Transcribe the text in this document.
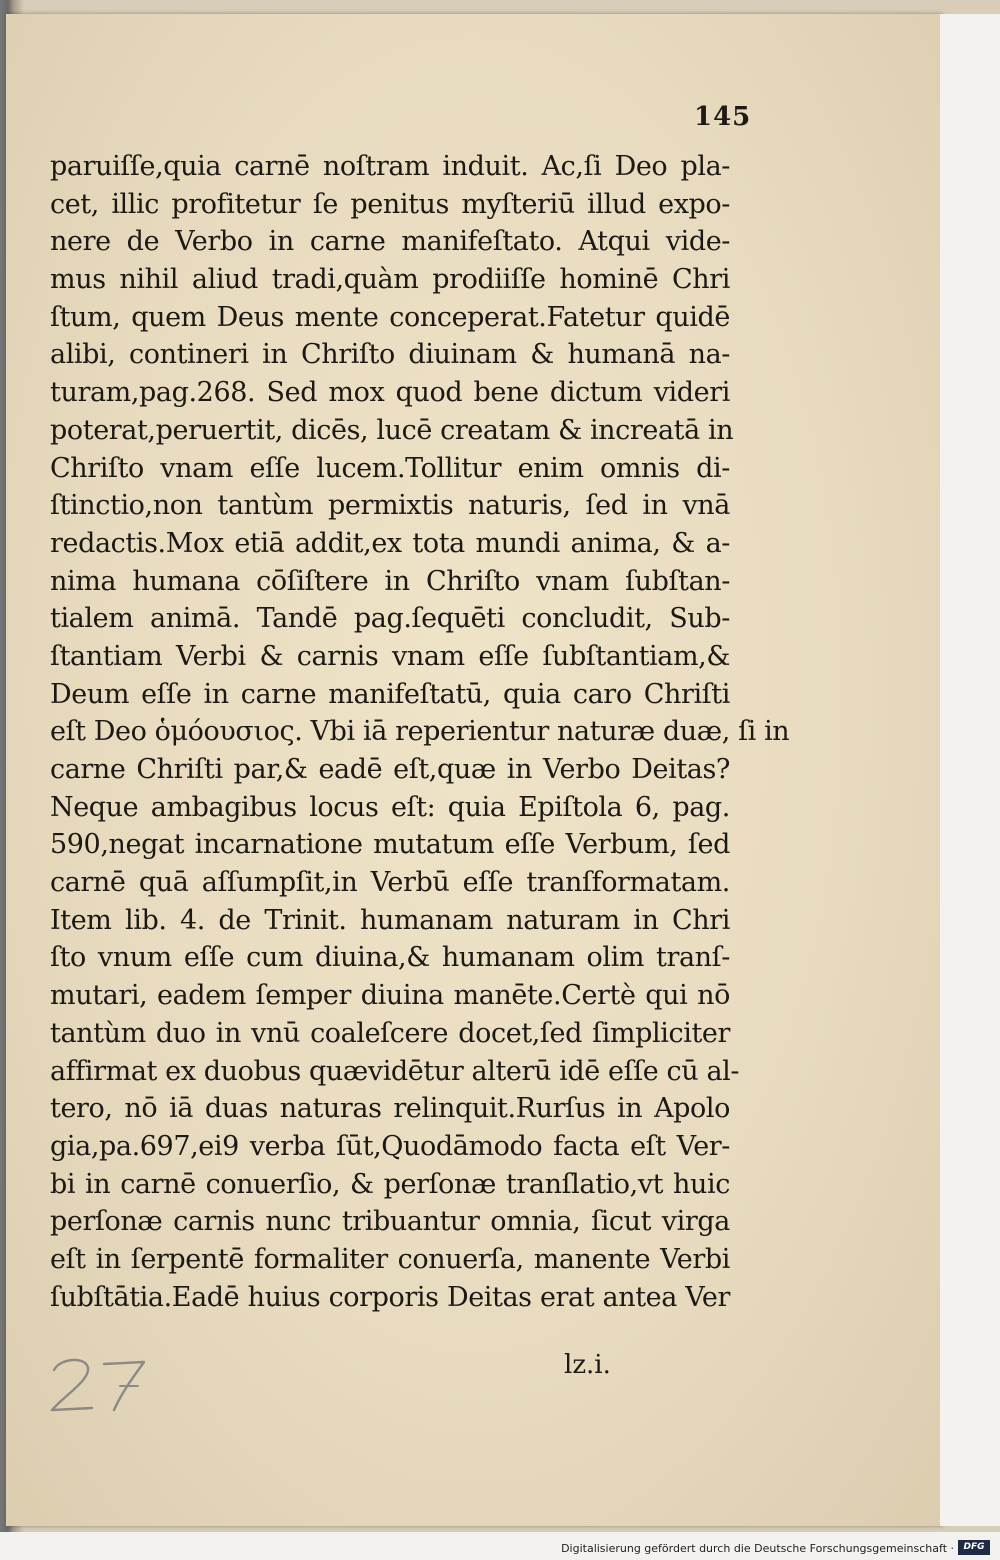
145
paruiſſe,quia carnē noſtram induit. Ac,ſi Deo pla-
cet, illic profitetur ſe penitus myſteriū illud expo-
nere de Verbo in carne manifeſtato. Atqui vide-
mus nihil aliud tradi,quàm prodiiſſe hominē Chri
ſtum, quem Deus mente conceperat.Fatetur quidē
alibi, contineri in Chriſto diuinam & humanā na-
turam,pag.268. Sed mox quod bene dictum videri
poterat,peruertit, dicēs, lucē creatam & increatā in
Chriſto vnam eſſe lucem.Tollitur enim omnis di-
ſtinctio,non tantùm permixtis naturis, ſed in vnā
redactis.Mox etiā addit,ex tota mundi anima, & a-
nima humana cōſiſtere in Chriſto vnam ſubſtan-
tialem animā. Tandē pag.ſequēti concludit, Sub-
ſtantiam Verbi & carnis vnam eſſe ſubſtantiam,&
Deum eſſe in carne manifeſtatū, quia caro Chriſti
eſt Deo ὁμόουσιος. Vbi iā reperientur naturæ duæ, ſi in
carne Chriſti par,& eadē eſt,quæ in Verbo Deitas?
Neque ambagibus locus eſt: quia Epiſtola 6, pag.
590,negat incarnatione mutatum eſſe Verbum, ſed
carnē quā aſſumpſit,in Verbū eſſe tranſformatam.
Item lib. 4. de Trinit. humanam naturam in Chri
ſto vnum eſſe cum diuina,& humanam olim tranſ-
mutari, eadem ſemper diuina manēte.Certè qui nō
tantùm duo in vnū coaleſcere docet,ſed ſimpliciter
affirmat ex duobus quævidētur alterū idē eſſe cū al-
tero, nō iā duas naturas relinquit.Rurſus in Apolo
gia,pa.697,ei9 verba ſūt,Quodāmodo facta eſt Ver-
bi in carnē conuerſio, & perſonæ tranſlatio,vt huic
perſonæ carnis nunc tribuantur omnia, ſicut virga
eſt in ſerpentē formaliter conuerſa, manente Verbi
ſubſtātia.Eadē huius corporis Deitas erat antea Ver
lz.i.
Digitalisierung gefördert durch die Deutsche Forschungsgemeinschaft ·	DFG
